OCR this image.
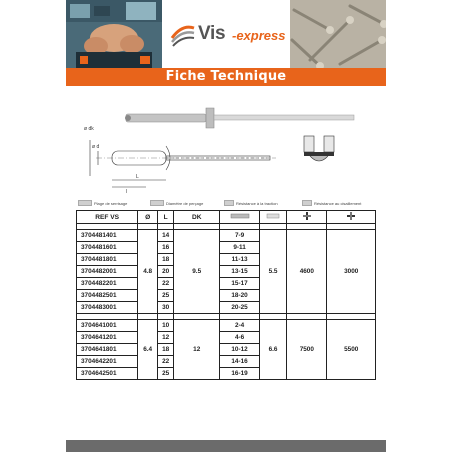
Vis -express
Fiche Technique
ø d
ø dk
L
l
Plage de serrisage	Diamètre de perçage	Résistance à la traction	Résistance au cisaillement
REF VS	Ø	L	DK				

3704481401	4.8	14	9.5	7-9	5.5	4600	3000
3704481601		16		9-11			
3704481801		18		11-13			
3704482001		20		13-15			
3704482201		22		15-17			
3704482501		25		18-20			
3704483001		30		20-25			

3704641001	6.4	10	12	2-4	6.6	7500	5500
3704641201		12		4-6			
3704641801		18		10-12			
3704642201		22		14-16			
3704642501		25		16-19			
